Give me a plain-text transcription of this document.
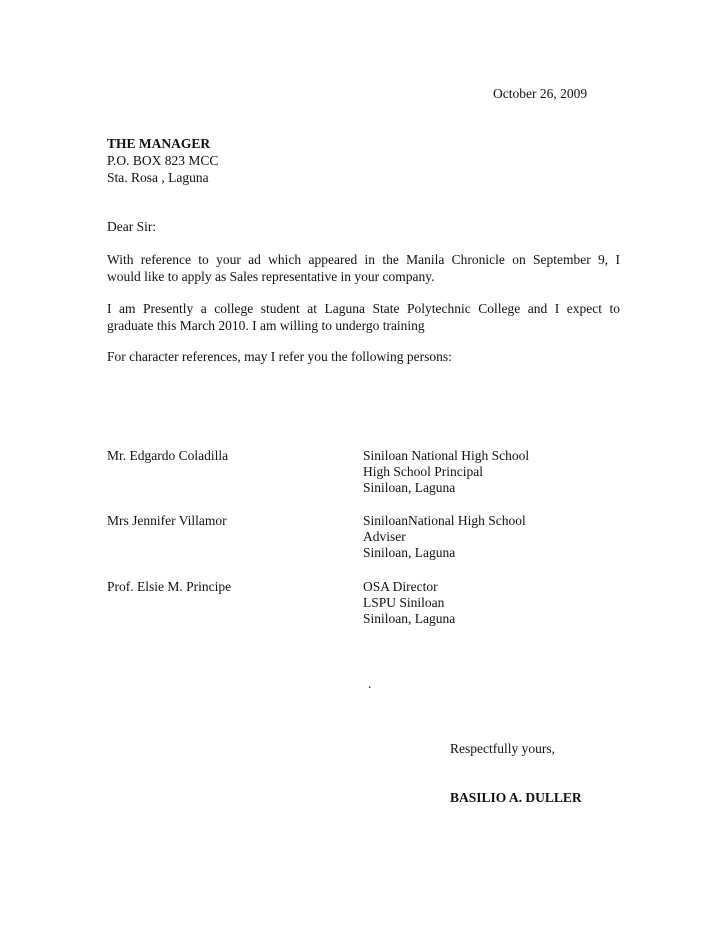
October 26, 2009
THE MANAGER
P.O. BOX 823 MCC
Sta. Rosa , Laguna
Dear Sir:
With reference to your ad which appeared in the Manila Chronicle on September 9, I
would like to apply as Sales representative in your company.
I am Presently a college student at Laguna State Polytechnic College and I expect to
graduate this March 2010. I am willing to undergo training
For character references, may I refer you the following persons:
Mr. Edgardo Coladilla	Siniloan National High School
High School Principal
Siniloan, Laguna
Mrs Jennifer Villamor	SiniloanNational High School
Adviser
Siniloan, Laguna
Prof. Elsie M. Principe	OSA Director
LSPU Siniloan
Siniloan, Laguna
.
Respectfully yours,
BASILIO A. DULLER
